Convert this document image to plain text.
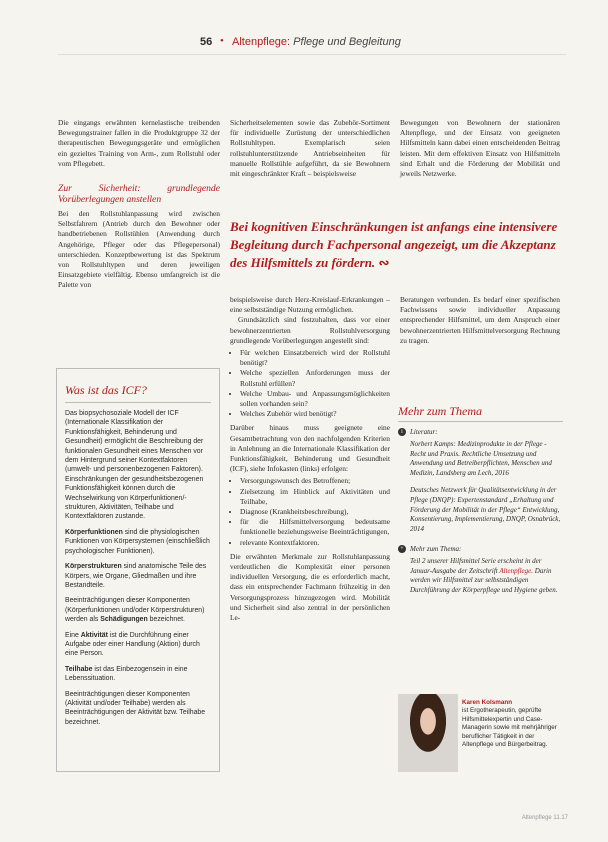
56 • Altenpflege: Pflege und Begleitung

Die eingangs erwähnten kernelastische treibenden Bewegungstrainer fallen in die Produktgruppe 32 der therapeutischen Bewegungsgeräte und ermöglichen ein gezieltes Training von Arm-, zum Rollstuhl oder vom Pflegebett.

Zur Sicherheit: grundlegende Vorüberlegungen anstellen

Bei den Rollstuhlanpassung wird zwischen Selbstfahrern (Antrieb durch den Bewohner oder handbetriebenen Rollstühlen (Anwendung durch Angehörige, Pfleger oder das Pflegepersonal) unterschieden. Konzeptbewertung ist das Spektrum von Rollstuhltypen und deren jeweiligen Einsatzgebiete vielfältig. Ebenso umfangreich ist die Palette von

Sicherheitselementen sowie das Zubehör-Sortiment für individuelle Zurüstung der unterschiedlichen Rollstuhltypen. Exemplarisch seien rollstuhlunterstützende Antriebseinheiten für manuelle Rollstühle aufgeführt, da sie Bewohnern mit eingeschränkter Kraft – beispielsweise

Bewegungen von Bewohnern der stationären Altenpflege, und der Einsatz von geeigneten Hilfsmitteln kann dabei einen entscheidenden Beitrag leisten. Mit dem effektiven Einsatz von Hilfsmitteln sind Erhalt und die Förderung der Mobilität und jeweils Netzwerke.

Bei kognitiven Einschränkungen ist anfangs eine intensivere Begleitung durch Fachpersonal angezeigt, um die Akzeptanz des Hilfsmittels zu fördern. ∾

beispielsweise durch Herz-Kreislauf-Erkrankungen – eine selbstständige Nutzung ermöglichen.

Grundsätzlich sind festzuhalten, dass vor einer bewohnerzentrierten Rollstuhlversorgung grundlegende Vorüberlegungen angestellt sind:

• Für welchen Einsatzbereich wird der Rollstuhl benötigt?
• Welche speziellen Anforderungen muss der Rollstuhl erfüllen?
• Welche Umbau- und Anpassungsmöglichkeiten sollen vorhanden sein?
• Welches Zubehör wird benötigt?

Darüber hinaus muss geeignete eine Gesamtbetrachtung von den nachfolgenden Kriterien in Anlehnung an die Internationale Klassifikation der Funktionsfähigkeit, Behinderung und Gesundheit (ICF), siehe Infokasten (links) erfolgen:

• Versorgungswunsch des Betroffenen;
• Zielsetzung im Hinblick auf Aktivitäten und Teilhabe,
• Diagnose (Krankheitsbeschreibung),
• für die Hilfsmittelversorgung bedeutsame funktionelle beziehungsweise Beeinträchtigungen,
• relevante Kontextfaktoren.

Die erwähnten Merkmale zur Rollstuhlanpassung verdeutlichen die Komplexität einer personen individuellen Versorgung, die es erforderlich macht, dass ein entsprechender Fachmann frühzeitig in den Versorgungsprozess hinzugezogen wird. Mobilität und Sicherheit sind also zentral in der persönlichen Le-

Beratungen verbunden. Es bedarf einer spezifischen Fachwissens sowie individueller Anpassung entsprechender Hilfsmittel, um dem Anspruch einer bewohnerzentrierten Hilfsmittelversorgung Rechnung zu tragen.

Was ist das ICF?

Das biopsychosoziale Modell der ICF (Internationale Klassifikation der Funktionsfähigkeit, Behinderung und Gesundheit) ermöglicht die Beschreibung der funktionalen Gesundheit eines Menschen vor dem Hintergrund seiner Kontextfaktoren (umwelt- und personenbezogenen Faktoren). Einschränkungen der gesundheitsbezogenen Funktionsfähigkeit können durch die Wechselwirkung von Körperfunktionen/-strukturen, Aktivitäten, Teilhabe und Kontextfaktoren zustande.

Körperfunktionen sind die physiologischen Funktionen von Körpersystemen (einschließlich psychologischer Funktionen).

Körperstrukturen sind anatomische Teile des Körpers, wie Organe, Gliedmaßen und ihre Bestandteile.

Beeinträchtigungen dieser Komponenten (Körperfunktionen und/oder Körperstrukturen) werden als Schädigungen bezeichnet.

Eine Aktivität ist die Durchführung einer Aufgabe oder einer Handlung (Aktion) durch eine Person.

Teilhabe ist das Einbezogensein in eine Lebenssituation.

Beeinträchtigungen dieser Komponenten (Aktivität und/oder Teilhabe) werden als Beeinträchtigungen der Aktivität bzw. Teilhabe bezeichnet.

Mehr zum Thema

i Literatur:

Norbert Kamps: Medizinprodukte in der Pflege - Recht und Praxis. Rechtliche Umsetzung und Anwendung und Betreiberpflichten, Menschen und Medizin, Landsberg am Lech, 2016

Deutsches Netzwerk für Qualitätsentwicklung in der Pflege (DNQP): Expertenstandard „Erhaltung und Förderung der Mobilität in der Pflege“ Entwicklung, Konsentierung, Implementierung, DNQP, Osnabrück, 2014

+ Mehr zum Thema:

Teil 2 unserer Hilfsmittel Serie erscheint in der Januar-Ausgabe der Zeitschrift Altenpflege. Darin werden wir Hilfsmittel zur selbstständigen Durchführung der Körperpflege und Hygiene geben.

Karen Kolsmann
ist Ergotherapeutin, geprüfte Hilfsmittelexpertin und Case-Managerin sowie mit mehrjähriger beruflicher Tätigkeit in der Altenpflege und Bürgerbeitrag.
Altenpflege 11.17
